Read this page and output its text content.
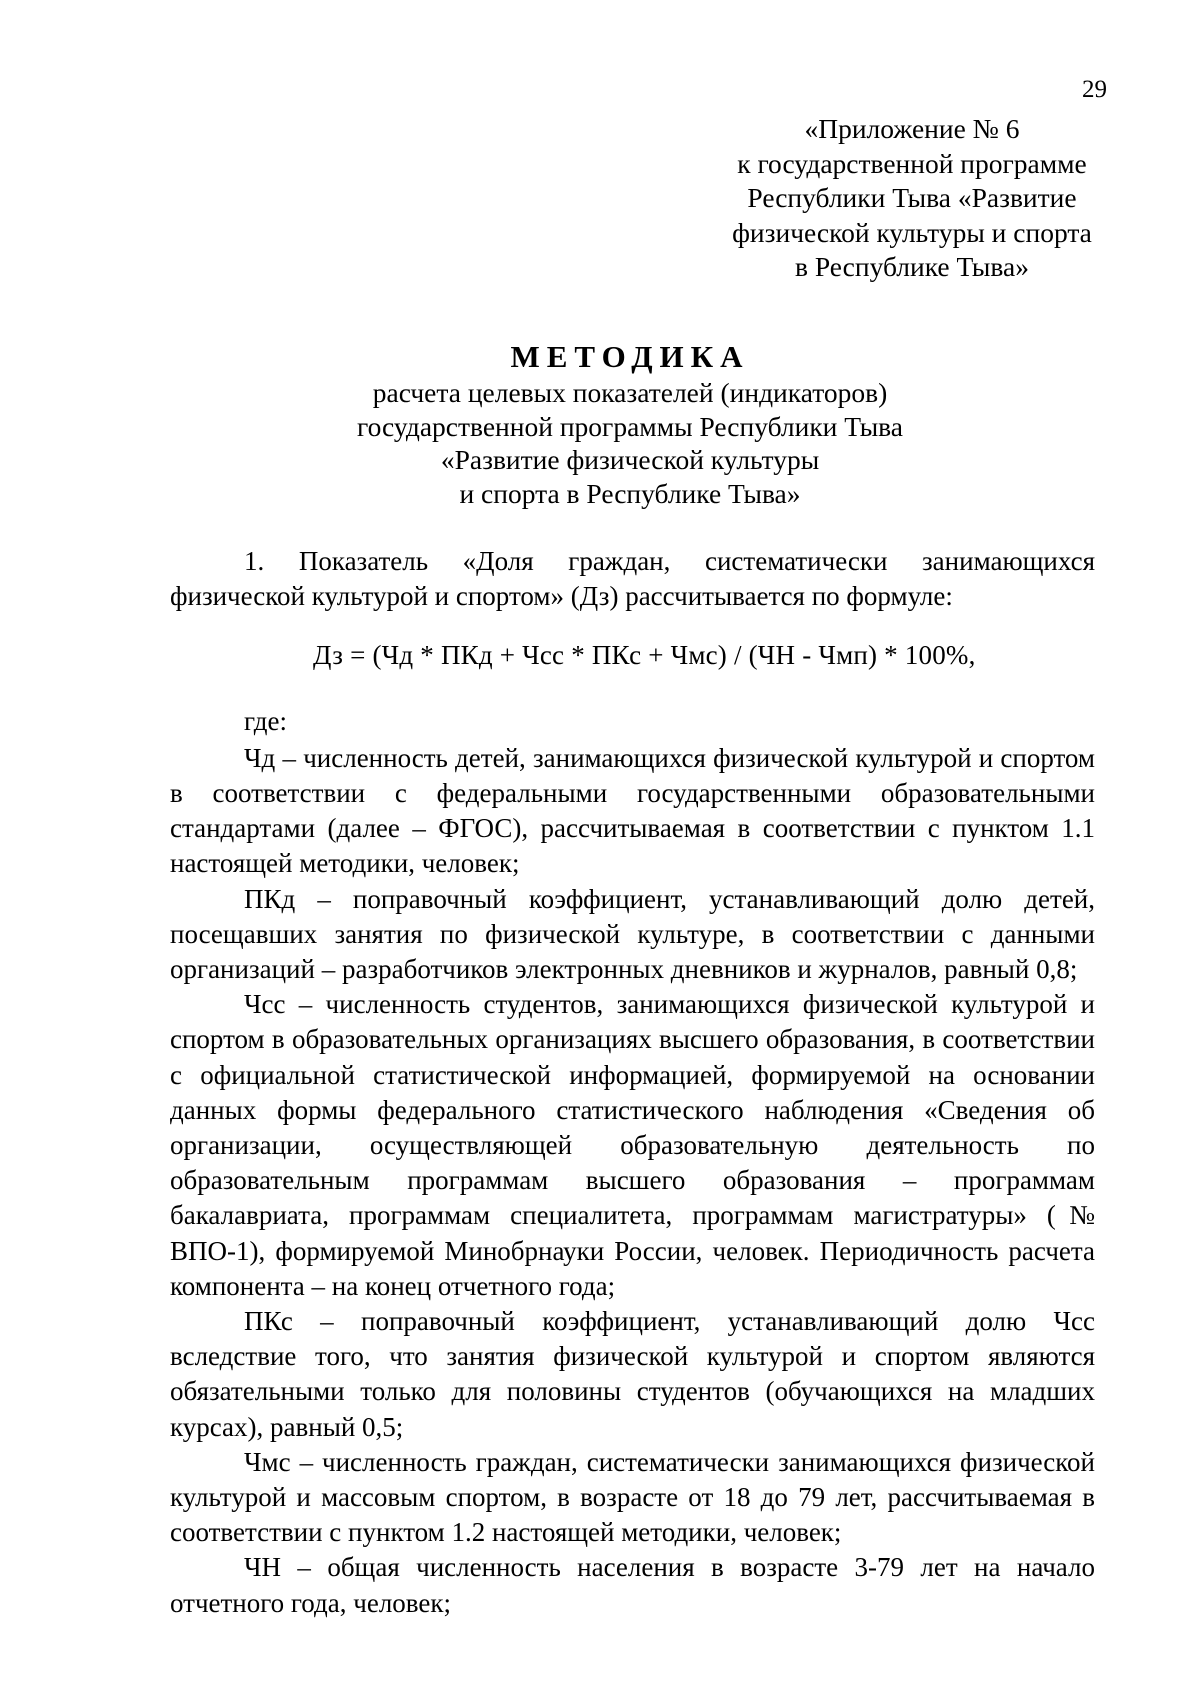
29
«Приложение № 6
к государственной программе
Республики Тыва «Развитие
физической культуры и спорта
в Республике Тыва»
МЕТОДИКА
расчета целевых показателей (индикаторов)
государственной программы Республики Тыва
«Развитие физической культуры
и спорта в Республике Тыва»

1. Показатель «Доля граждан, систематически занимающихся физической культурой и спортом» (Дз) рассчитывается по формуле:

Дз = (Чд * ПКд + Чсс * ПКс + Чмс) / (ЧН - Чмп) * 100%,
где:

Чд – численность детей, занимающихся физической культурой и спортом в соответствии с федеральными государственными образовательными стандартами (далее – ФГОС), рассчитываемая в соответствии с пунктом 1.1 настоящей методики, человек;

ПКд – поправочный коэффициент, устанавливающий долю детей, посещавших занятия по физической культуре, в соответствии с данными организаций – разработчиков электронных дневников и журналов, равный 0,8;

Чсс – численность студентов, занимающихся физической культурой и спортом в образовательных организациях высшего образования, в соответствии с официальной статистической информацией, формируемой на основании данных формы федерального статистического наблюдения «Сведения об организации, осуществляющей образовательную деятельность по образовательным программам высшего образования – программам бакалавриата, программам специалитета, программам магистратуры» (№ ВПО-1), формируемой Минобрнауки России, человек. Периодичность расчета компонента – на конец отчетного года;

ПКс – поправочный коэффициент, устанавливающий долю Чсс вследствие того, что занятия физической культурой и спортом являются обязательными только для половины студентов (обучающихся на младших курсах), равный 0,5;

Чмс – численность граждан, систематически занимающихся физической культурой и массовым спортом, в возрасте от 18 до 79 лет, рассчитываемая в соответствии с пунктом 1.2 настоящей методики, человек;

ЧН – общая численность населения в возрасте 3-79 лет на начало отчетного года, человек;
